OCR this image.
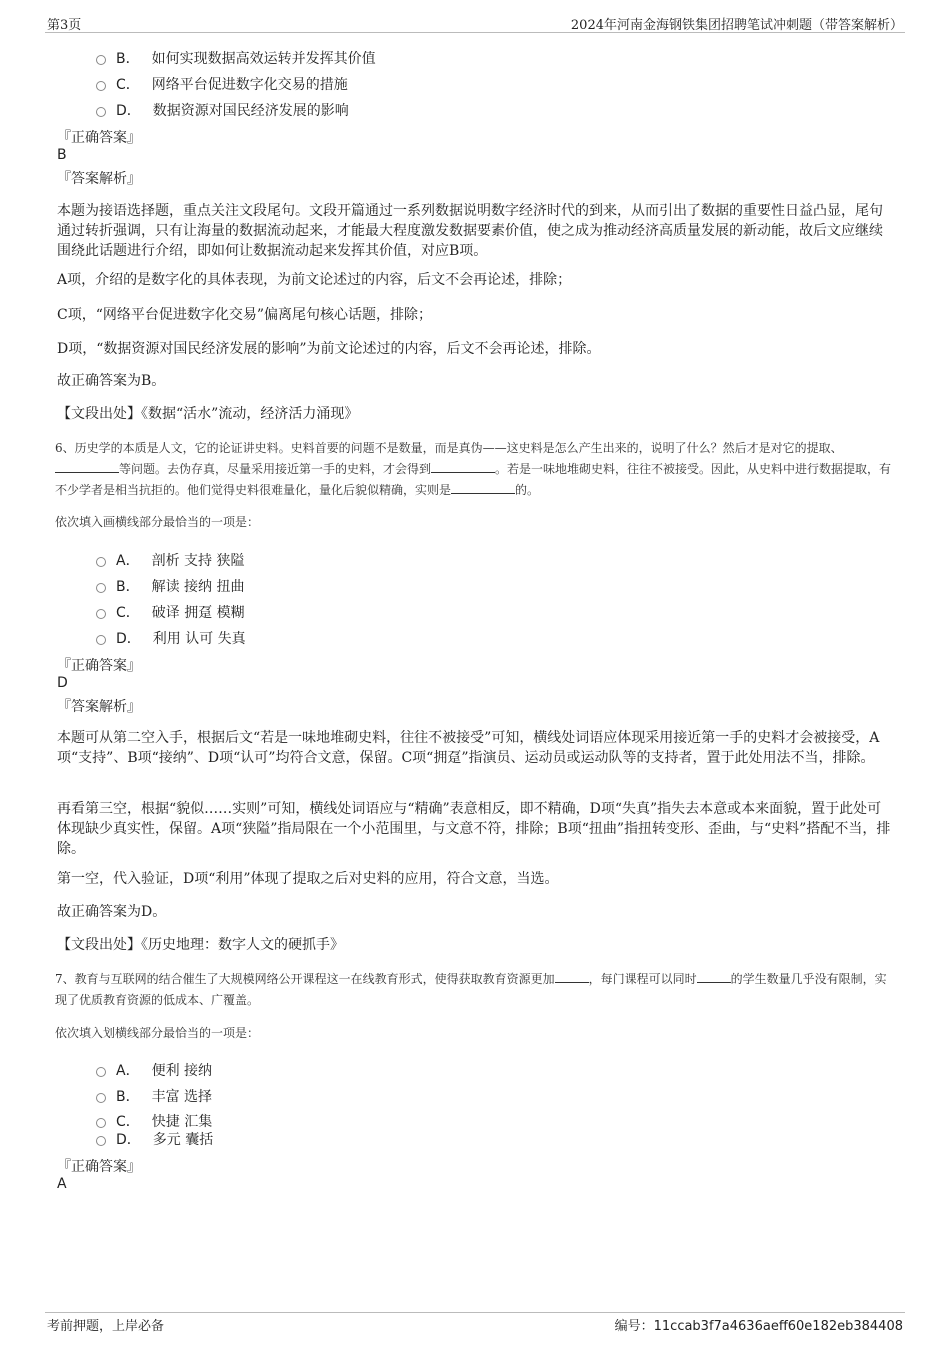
第3页	2024年河南金海钢铁集团招聘笔试冲刺题（带答案解析）
B． 如何实现数据高效运转并发挥其价值
C． 网络平台促进数字化交易的措施
D． 数据资源对国民经济发展的影响
『正确答案』
B
『答案解析』
本题为接语选择题，重点关注文段尾句。文段开篇通过一系列数据说明数字经济时代的到来，从而引出了数据的重要性日益凸显，尾句通过转折强调，只有让海量的数据流动起来，才能最大程度激发数据要素价值，使之成为推动经济高质量发展的新动能，故后文应继续围绕此话题进行介绍，即如何让数据流动起来发挥其价值，对应B项。
A项，介绍的是数字化的具体表现，为前文论述过的内容，后文不会再论述，排除；
C项，“网络平台促进数字化交易”偏离尾句核心话题，排除；
D项，“数据资源对国民经济发展的影响”为前文论述过的内容，后文不会再论述，排除。
故正确答案为B。
【文段出处】《数据“活水”流动，经济活力涌现》
6、历史学的本质是人文，它的论证讲史料。史料首要的问题不是数量，而是真伪——这史料是怎么产生出来的，说明了什么？然后才是对它的提取、等问题。去伪存真，尽量采用接近第一手的史料，才会得到	。若是一味地堆砌史料，往往不被接受。因此，从史料中进行数据提取，有不少学者是相当抗拒的。他们觉得史料很难量化，量化后貌似精确，实则是	的。
依次填入画横线部分最恰当的一项是：
A． 剖析 支持 狭隘
B． 解读 接纳 扭曲
C． 破译 拥趸 模糊
D． 利用 认可 失真
『正确答案』
D
『答案解析』
本题可从第二空入手，根据后文“若是一味地堆砌史料，往往不被接受”可知，横线处词语应体现采用接近第一手的史料才会被接受，A项“支持”、B项“接纳”、D项“认可”均符合文意，保留。C项“拥趸”指演员、运动员或运动队等的支持者，置于此处用法不当，排除。
再看第三空，根据“貌似……实则”可知，横线处词语应与“精确”表意相反，即不精确，D项“失真”指失去本意或本来面貌，置于此处可体现缺少真实性，保留。A项“狭隘”指局限在一个小范围里，与文意不符，排除；B项“扭曲”指扭转变形、歪曲，与“史料”搭配不当，排除。
第一空，代入验证，D项“利用”体现了提取之后对史料的应用，符合文意，当选。
故正确答案为D。
【文段出处】《历史地理：数字人文的硬抓手》
7、教育与互联网的结合催生了大规模网络公开课程这一在线教育形式，使得获取教育资源更加	，每门课程可以同时	的学生数量几乎没有限制，实现了优质教育资源的低成本、广覆盖。
依次填入划横线部分最恰当的一项是：
A． 便利 接纳
B． 丰富 选择
C． 快捷 汇集
D． 多元 囊括
『正确答案』
A
考前押题，上岸必备	编号：11ccab3f7a4636aeff60e182eb384408
